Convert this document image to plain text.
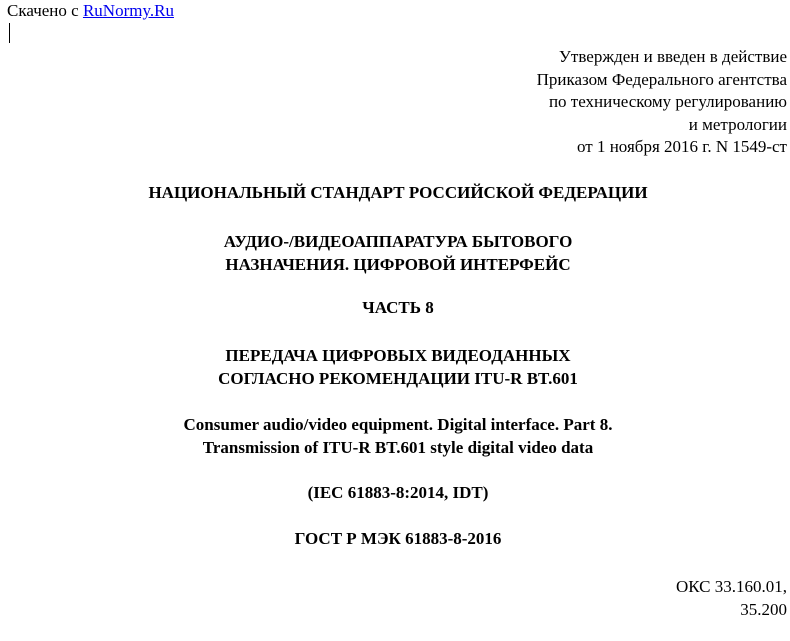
Скачено с RuNormy.Ru
Утвержден и введен в действие
Приказом Федерального агентства
по техническому регулированию
и метрологии
от 1 ноября 2016 г. N 1549-ст
НАЦИОНАЛЬНЫЙ СТАНДАРТ РОССИЙСКОЙ ФЕДЕРАЦИИ
АУДИО-/ВИДЕОАППАРАТУРА БЫТОВОГО
НАЗНАЧЕНИЯ. ЦИФРОВОЙ ИНТЕРФЕЙС
ЧАСТЬ 8
ПЕРЕДАЧА ЦИФРОВЫХ ВИДЕОДАННЫХ
СОГЛАСНО РЕКОМЕНДАЦИИ ITU-R BT.601
Consumer audio/video equipment. Digital interface. Part 8.
Transmission of ITU-R BT.601 style digital video data
(IEC 61883-8:2014, IDT)
ГОСТ Р МЭК 61883-8-2016
ОКС 33.160.01,
35.200
